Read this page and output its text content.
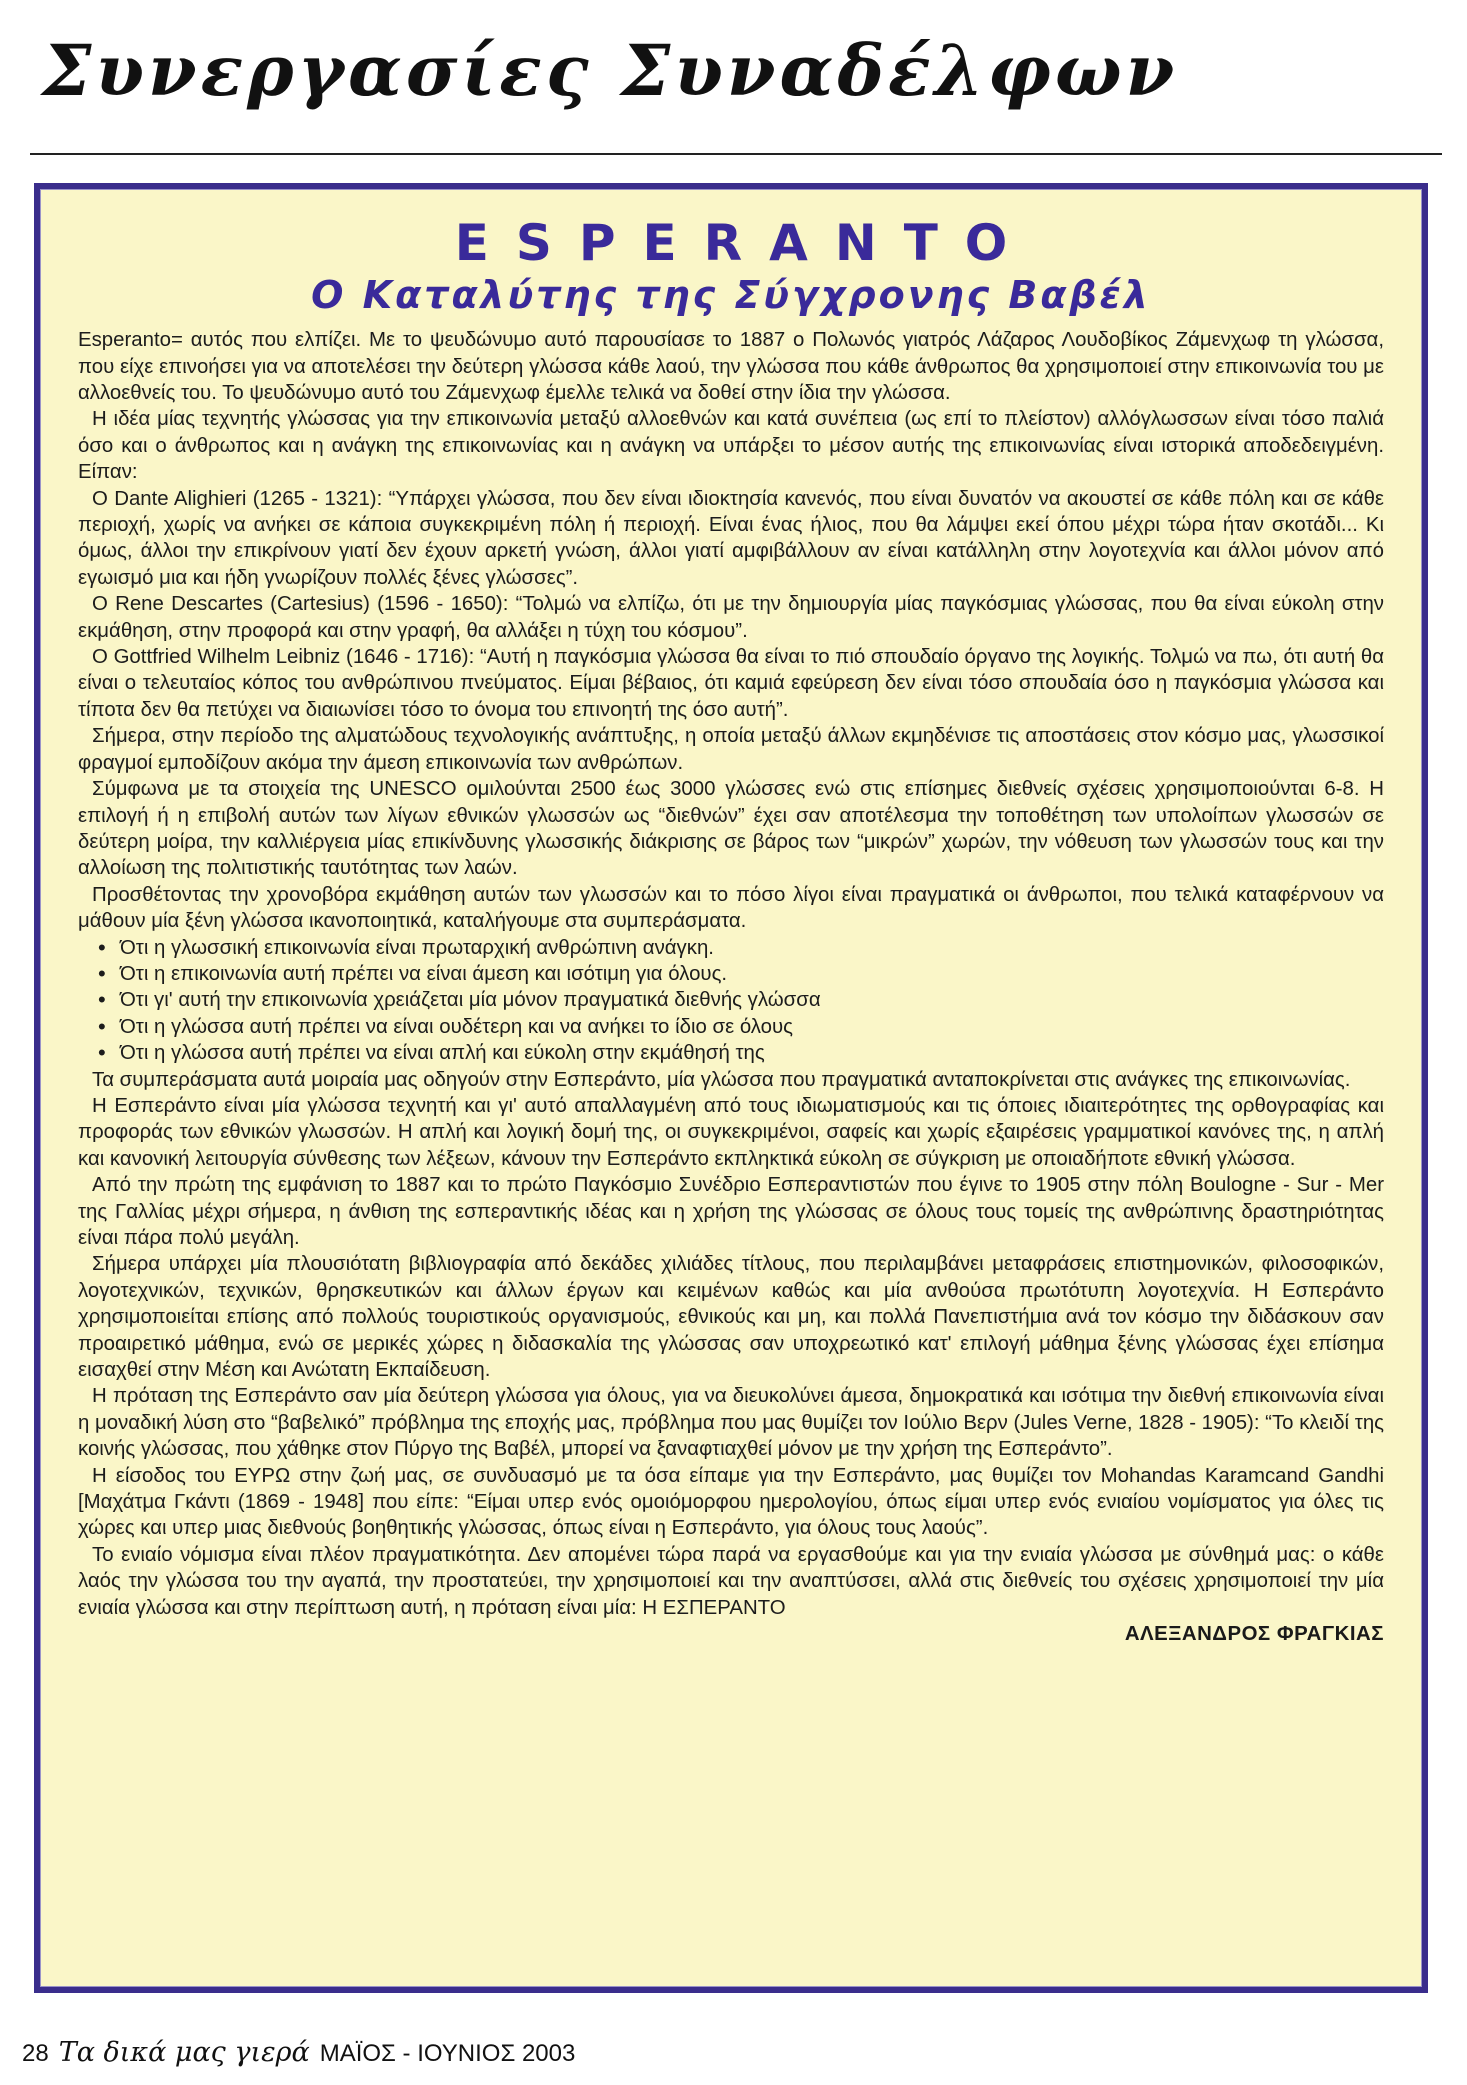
Συνεργασίες Συναδέλφων
ESPERANTO
Ο Καταλύτης της Σύγχρονης Βαβέλ

Esperanto= αυτός που ελπίζει. Με το ψευδώνυμο αυτό παρουσίασε το 1887 ο Πολωνός γιατρός Λάζαρος Λουδοβίκος Ζάμενχωφ τη γλώσσα, που είχε επινοήσει για να αποτελέσει την δεύτερη γλώσσα κάθε λαού, την γλώσσα που κάθε άνθρωπος θα χρησιμοποιεί στην επικοινωνία του με αλλοεθνείς του. Το ψευδώνυμο αυτό του Ζάμενχωφ έμελλε τελικά να δοθεί στην ίδια την γλώσσα.

Η ιδέα μίας τεχνητής γλώσσας για την επικοινωνία μεταξύ αλλοεθνών και κατά συνέπεια (ως επί το πλείστον) αλλόγλωσσων είναι τόσο παλιά όσο και ο άνθρωπος και η ανάγκη της επικοινωνίας και η ανάγκη να υπάρξει το μέσον αυτής της επικοινωνίας είναι ιστορικά αποδεδειγμένη. Είπαν:

Ο Dante Alighieri (1265 - 1321): “Υπάρχει γλώσσα, που δεν είναι ιδιοκτησία κανενός, που είναι δυνατόν να ακουστεί σε κάθε πόλη και σε κάθε περιοχή, χωρίς να ανήκει σε κάποια συγκεκριμένη πόλη ή περιοχή. Είναι ένας ήλιος, που θα λάμψει εκεί όπου μέχρι τώρα ήταν σκοτάδι... Κι όμως, άλλοι την επικρίνουν γιατί δεν έχουν αρκετή γνώση, άλλοι γιατί αμφιβάλλουν αν είναι κατάλληλη στην λογοτεχνία και άλλοι μόνον από εγωισμό μια και ήδη γνωρίζουν πολλές ξένες γλώσσες”.

Ο Rene Descartes (Cartesius) (1596 - 1650): “Τολμώ να ελπίζω, ότι με την δημιουργία μίας παγκόσμιας γλώσσας, που θα είναι εύκολη στην εκμάθηση, στην προφορά και στην γραφή, θα αλλάξει η τύχη του κόσμου”.

Ο Gottfried Wilhelm Leibniz (1646 - 1716): “Αυτή η παγκόσμια γλώσσα θα είναι το πιό σπουδαίο όργανο της λογικής. Τολμώ να πω, ότι αυτή θα είναι ο τελευταίος κόπος του ανθρώπινου πνεύματος. Είμαι βέβαιος, ότι καμιά εφεύρεση δεν είναι τόσο σπουδαία όσο η παγκόσμια γλώσσα και τίποτα δεν θα πετύχει να διαιωνίσει τόσο το όνομα του επινοητή της όσο αυτή”.

Σήμερα, στην περίοδο της αλματώδους τεχνολογικής ανάπτυξης, η οποία μεταξύ άλλων εκμηδένισε τις αποστάσεις στον κόσμο μας, γλωσσικοί φραγμοί εμποδίζουν ακόμα την άμεση επικοινωνία των ανθρώπων.

Σύμφωνα με τα στοιχεία της UNESCO ομιλούνται 2500 έως 3000 γλώσσες ενώ στις επίσημες διεθνείς σχέσεις χρησιμοποιούνται 6-8. Η επιλογή ή η επιβολή αυτών των λίγων εθνικών γλωσσών ως “διεθνών” έχει σαν αποτέλεσμα την τοποθέτηση των υπολοίπων γλωσσών σε δεύτερη μοίρα, την καλλιέργεια μίας επικίνδυνης γλωσσικής διάκρισης σε βάρος των “μικρών” χωρών, την νόθευση των γλωσσών τους και την αλλοίωση της πολιτιστικής ταυτότητας των λαών.

Προσθέτοντας την χρονοβόρα εκμάθηση αυτών των γλωσσών και το πόσο λίγοι είναι πραγματικά οι άνθρωποι, που τελικά καταφέρνουν να μάθουν μία ξένη γλώσσα ικανοποιητικά, καταλήγουμε στα συμπεράσματα.

• Ότι η γλωσσική επικοινωνία είναι πρωταρχική ανθρώπινη ανάγκη.
• Ότι η επικοινωνία αυτή πρέπει να είναι άμεση και ισότιμη για όλους.
• Ότι γι' αυτή την επικοινωνία χρειάζεται μία μόνον πραγματικά διεθνής γλώσσα
• Ότι η γλώσσα αυτή πρέπει να είναι ουδέτερη και να ανήκει το ίδιο σε όλους
• Ότι η γλώσσα αυτή πρέπει να είναι απλή και εύκολη στην εκμάθησή της

Τα συμπεράσματα αυτά μοιραία μας οδηγούν στην Εσπεράντο, μία γλώσσα που πραγματικά ανταποκρίνεται στις ανάγκες της επικοινωνίας.

Η Εσπεράντο είναι μία γλώσσα τεχνητή και γι' αυτό απαλλαγμένη από τους ιδιωματισμούς και τις όποιες ιδιαιτερότητες της ορθογραφίας και προφοράς των εθνικών γλωσσών. Η απλή και λογική δομή της, οι συγκεκριμένοι, σαφείς και χωρίς εξαιρέσεις γραμματικοί κανόνες της, η απλή και κανονική λειτουργία σύνθεσης των λέξεων, κάνουν την Εσπεράντο εκπληκτικά εύκολη σε σύγκριση με οποιαδήποτε εθνική γλώσσα.

Από την πρώτη της εμφάνιση το 1887 και το πρώτο Παγκόσμιο Συνέδριο Εσπεραντιστών που έγινε το 1905 στην πόλη Boulogne - Sur - Mer της Γαλλίας μέχρι σήμερα, η άνθιση της εσπεραντικής ιδέας και η χρήση της γλώσσας σε όλους τους τομείς της ανθρώπινης δραστηριότητας είναι πάρα πολύ μεγάλη.

Σήμερα υπάρχει μία πλουσιότατη βιβλιογραφία από δεκάδες χιλιάδες τίτλους, που περιλαμβάνει μεταφράσεις επιστημονικών, φιλοσοφικών, λογοτεχνικών, τεχνικών, θρησκευτικών και άλλων έργων και κειμένων καθώς και μία ανθούσα πρωτότυπη λογοτεχνία. Η Εσπεράντο χρησιμοποιείται επίσης από πολλούς τουριστικούς οργανισμούς, εθνικούς και μη, και πολλά Πανεπιστήμια ανά τον κόσμο την διδάσκουν σαν προαιρετικό μάθημα, ενώ σε μερικές χώρες η διδασκαλία της γλώσσας σαν υποχρεωτικό κατ' επιλογή μάθημα ξένης γλώσσας έχει επίσημα εισαχθεί στην Μέση και Ανώτατη Εκπαίδευση.

Η πρόταση της Εσπεράντο σαν μία δεύτερη γλώσσα για όλους, για να διευκολύνει άμεσα, δημοκρατικά και ισότιμα την διεθνή επικοινωνία είναι η μοναδική λύση στο “βαβελικό” πρόβλημα της εποχής μας, πρόβλημα που μας θυμίζει τον Ιούλιο Βερν (Jules Verne, 1828 - 1905): “Το κλειδί της κοινής γλώσσας, που χάθηκε στον Πύργο της Βαβέλ, μπορεί να ξαναφτιαχθεί μόνον με την χρήση της Εσπεράντο”.

Η είσοδος του ΕΥΡΩ στην ζωή μας, σε συνδυασμό με τα όσα είπαμε για την Εσπεράντο, μας θυμίζει τον Mohandas Karamcand Gandhi [Μαχάτμα Γκάντι (1869 - 1948] που είπε: “Είμαι υπερ ενός ομοιόμορφου ημερολογίου, όπως είμαι υπερ ενός ενιαίου νομίσματος για όλες τις χώρες και υπερ μιας διεθνούς βοηθητικής γλώσσας, όπως είναι η Εσπεράντο, για όλους τους λαούς”.

Το ενιαίο νόμισμα είναι πλέον πραγματικότητα. Δεν απομένει τώρα παρά να εργασθούμε και για την ενιαία γλώσσα με σύνθημά μας: ο κάθε λαός την γλώσσα του την αγαπά, την προστατεύει, την χρησιμοποιεί και την αναπτύσσει, αλλά στις διεθνείς του σχέσεις χρησιμοποιεί την μία ενιαία γλώσσα και στην περίπτωση αυτή, η πρόταση είναι μία: Η ΕΣΠΕΡΑΝΤΟ

ΑΛΕΞΑΝΔΡΟΣ ΦΡΑΓΚΙΑΣ

28 Τα δικά μας γιερά ΜΑΪΟΣ - ΙΟΥΝΙΟΣ 2003
